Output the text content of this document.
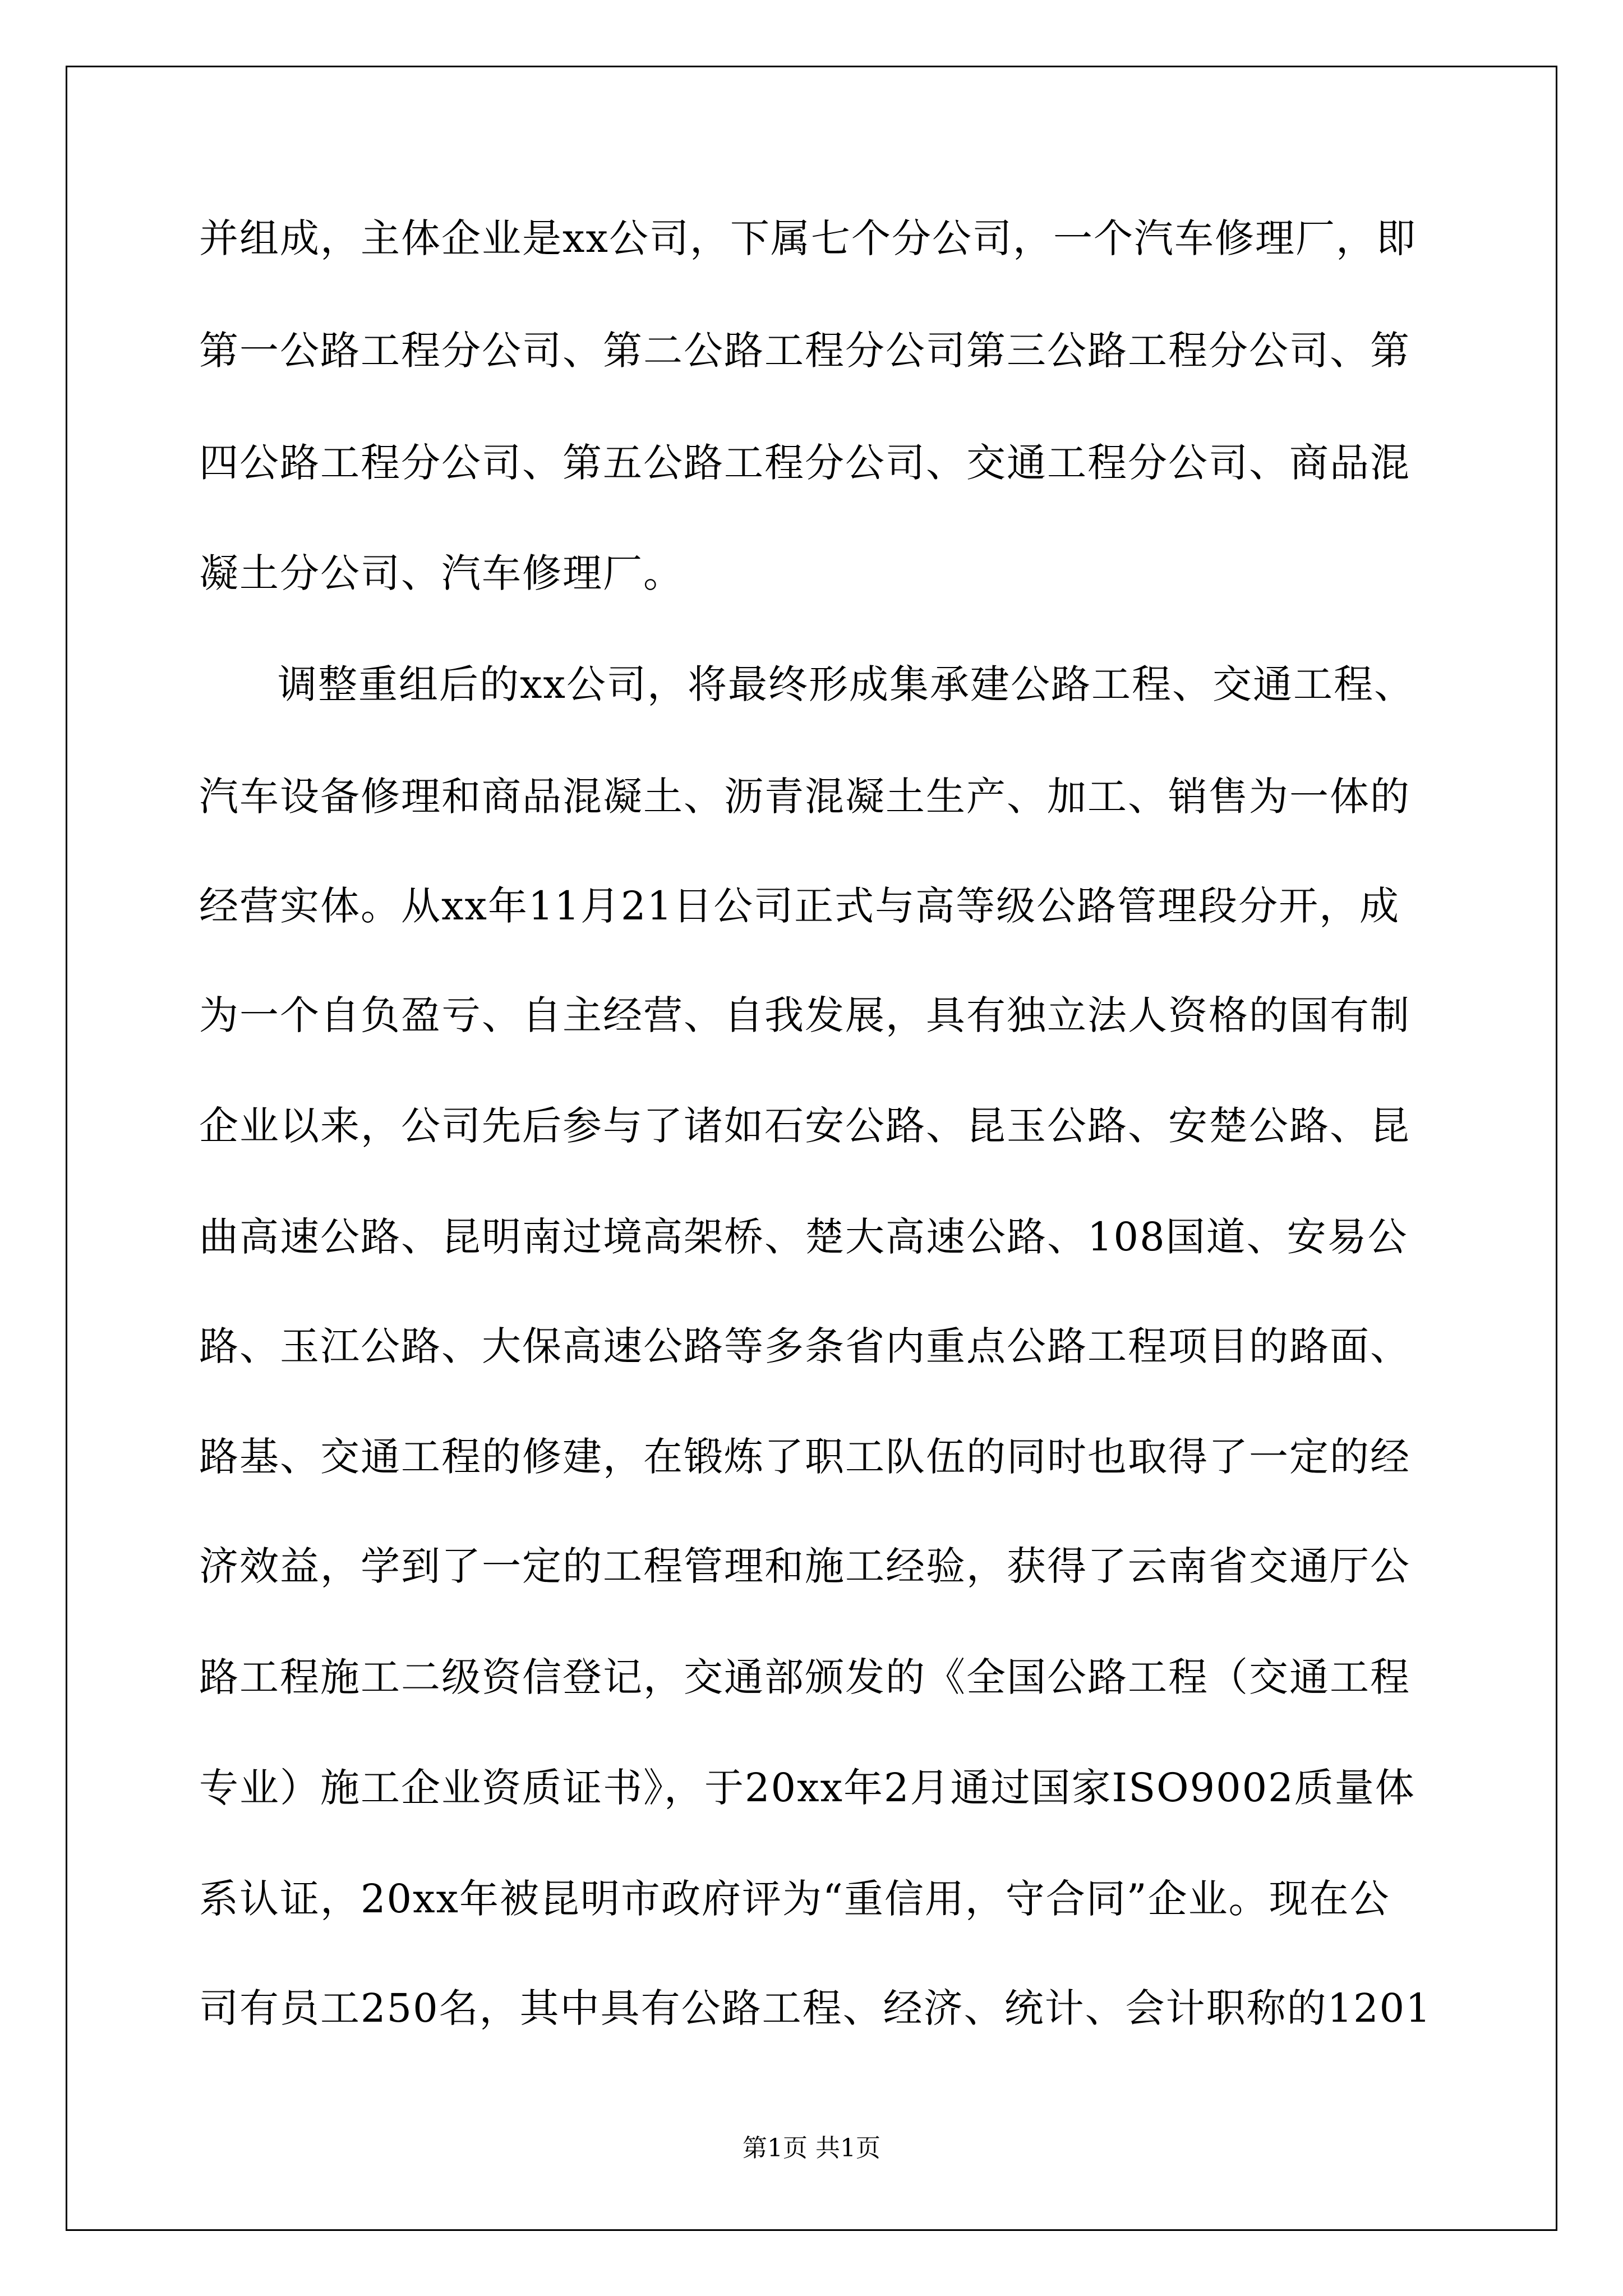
并组成，主体企业是xx公司，下属七个分公司，一个汽车修理厂，即
第一公路工程分公司、第二公路工程分公司第三公路工程分公司、第
四公路工程分公司、第五公路工程分公司、交通工程分公司、商品混
凝土分公司、汽车修理厂。
调整重组后的xx公司，将最终形成集承建公路工程、交通工程、
汽车设备修理和商品混凝土、沥青混凝土生产、加工、销售为一体的
经营实体。从xx年11月21日公司正式与高等级公路管理段分开，成
为一个自负盈亏、自主经营、自我发展，具有独立法人资格的国有制
企业以来，公司先后参与了诸如石安公路、昆玉公路、安楚公路、昆
曲高速公路、昆明南过境高架桥、楚大高速公路、108国道、安易公
路、玉江公路、大保高速公路等多条省内重点公路工程项目的路面、
路基、交通工程的修建，在锻炼了职工队伍的同时也取得了一定的经
济效益，学到了一定的工程管理和施工经验，获得了云南省交通厅公
路工程施工二级资信登记，交通部颁发的《全国公路工程（交通工程
专业）施工企业资质证书》，于20xx年2月通过国家ISO9002质量体
系认证，20xx年被昆明市政府评为“重信用，守合同”企业。现在公
司有员工250名，其中具有公路工程、经济、统计、会计职称的1201
第1页 共1页
